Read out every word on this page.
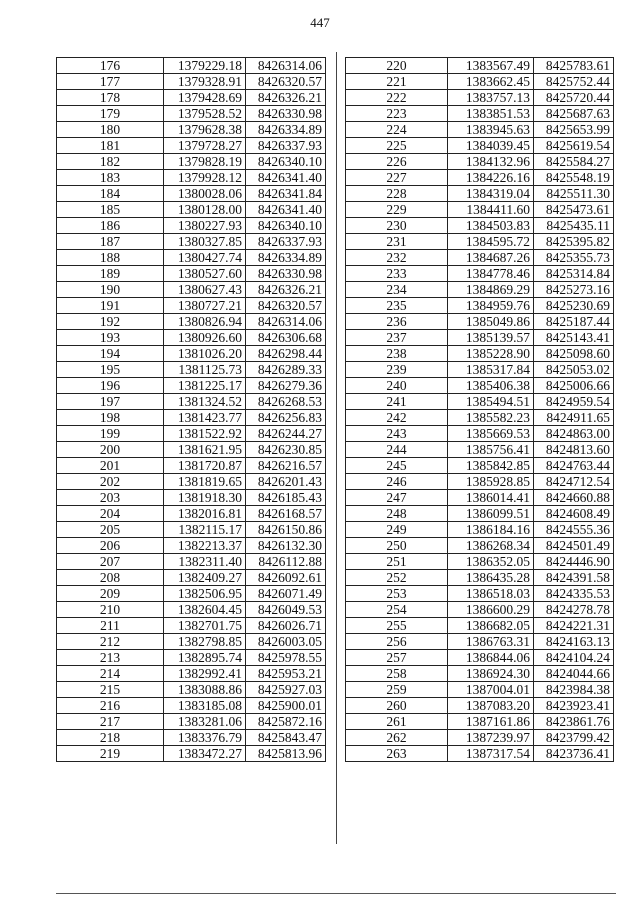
447
176	1379229.18	8426314.06
177	1379328.91	8426320.57
178	1379428.69	8426326.21
179	1379528.52	8426330.98
180	1379628.38	8426334.89
181	1379728.27	8426337.93
182	1379828.19	8426340.10
183	1379928.12	8426341.40
184	1380028.06	8426341.84
185	1380128.00	8426341.40
186	1380227.93	8426340.10
187	1380327.85	8426337.93
188	1380427.74	8426334.89
189	1380527.60	8426330.98
190	1380627.43	8426326.21
191	1380727.21	8426320.57
192	1380826.94	8426314.06
193	1380926.60	8426306.68
194	1381026.20	8426298.44
195	1381125.73	8426289.33
196	1381225.17	8426279.36
197	1381324.52	8426268.53
198	1381423.77	8426256.83
199	1381522.92	8426244.27
200	1381621.95	8426230.85
201	1381720.87	8426216.57
202	1381819.65	8426201.43
203	1381918.30	8426185.43
204	1382016.81	8426168.57
205	1382115.17	8426150.86
206	1382213.37	8426132.30
207	1382311.40	8426112.88
208	1382409.27	8426092.61
209	1382506.95	8426071.49
210	1382604.45	8426049.53
211	1382701.75	8426026.71
212	1382798.85	8426003.05
213	1382895.74	8425978.55
214	1382992.41	8425953.21
215	1383088.86	8425927.03
216	1383185.08	8425900.01
217	1383281.06	8425872.16
218	1383376.79	8425843.47
219	1383472.27	8425813.96
220	1383567.49	8425783.61
221	1383662.45	8425752.44
222	1383757.13	8425720.44
223	1383851.53	8425687.63
224	1383945.63	8425653.99
225	1384039.45	8425619.54
226	1384132.96	8425584.27
227	1384226.16	8425548.19
228	1384319.04	8425511.30
229	1384411.60	8425473.61
230	1384503.83	8425435.11
231	1384595.72	8425395.82
232	1384687.26	8425355.73
233	1384778.46	8425314.84
234	1384869.29	8425273.16
235	1384959.76	8425230.69
236	1385049.86	8425187.44
237	1385139.57	8425143.41
238	1385228.90	8425098.60
239	1385317.84	8425053.02
240	1385406.38	8425006.66
241	1385494.51	8424959.54
242	1385582.23	8424911.65
243	1385669.53	8424863.00
244	1385756.41	8424813.60
245	1385842.85	8424763.44
246	1385928.85	8424712.54
247	1386014.41	8424660.88
248	1386099.51	8424608.49
249	1386184.16	8424555.36
250	1386268.34	8424501.49
251	1386352.05	8424446.90
252	1386435.28	8424391.58
253	1386518.03	8424335.53
254	1386600.29	8424278.78
255	1386682.05	8424221.31
256	1386763.31	8424163.13
257	1386844.06	8424104.24
258	1386924.30	8424044.66
259	1387004.01	8423984.38
260	1387083.20	8423923.41
261	1387161.86	8423861.76
262	1387239.97	8423799.42
263	1387317.54	8423736.41
